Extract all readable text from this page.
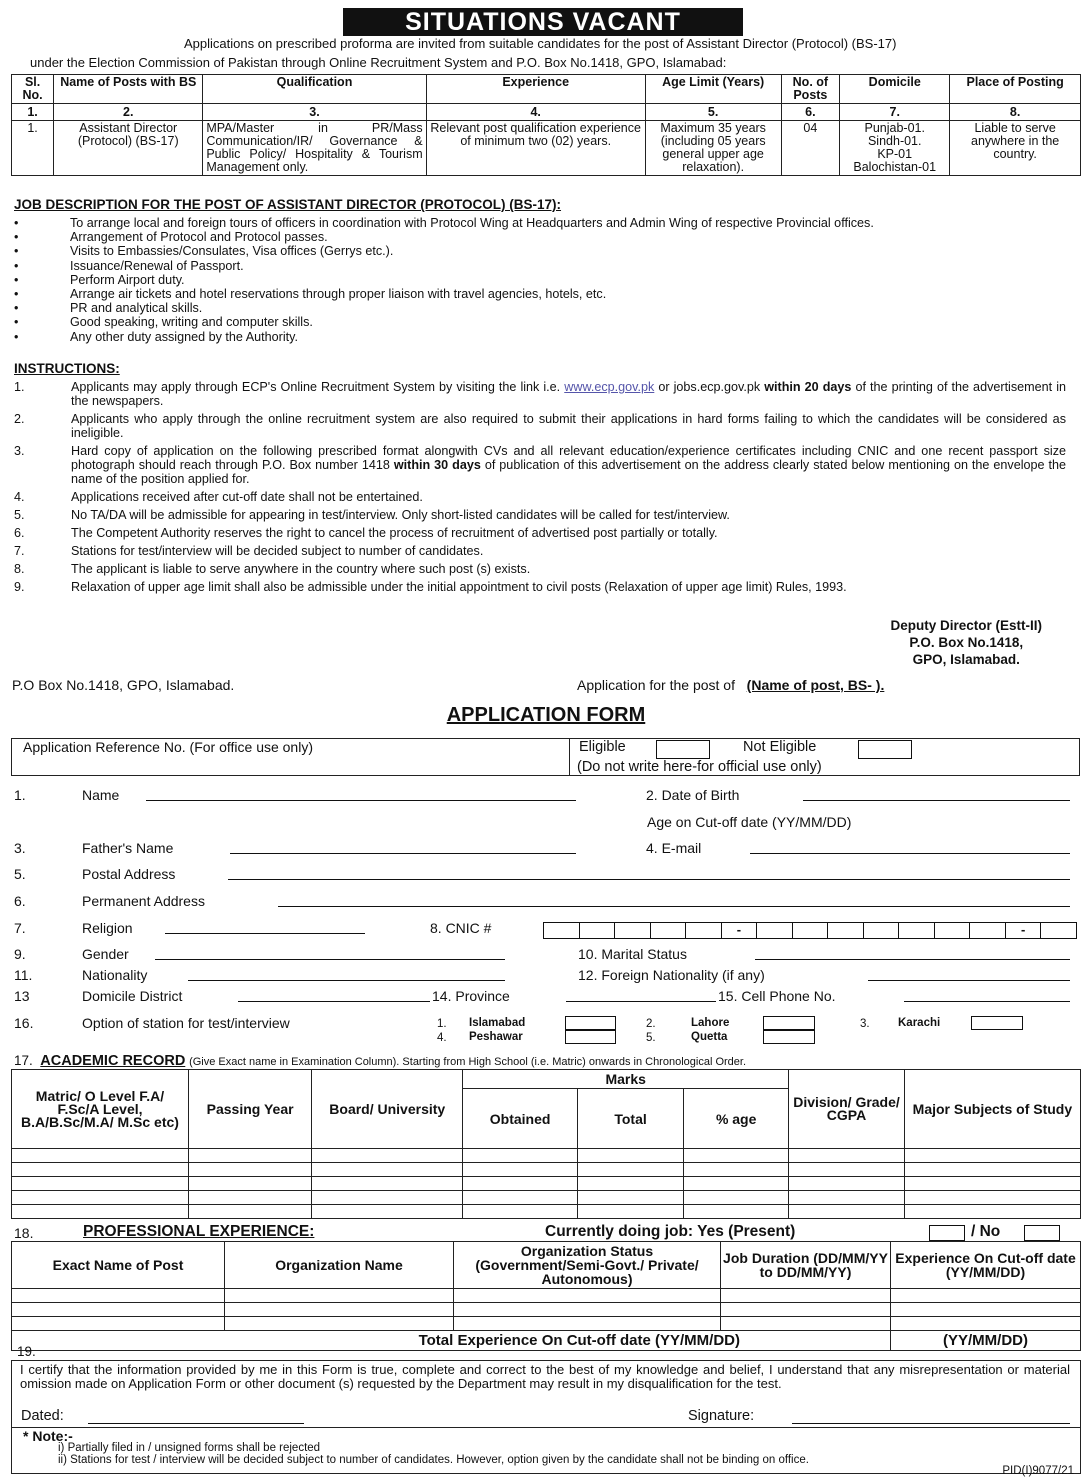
SITUATIONS VACANT
Applications on prescribed proforma are invited from suitable candidates for the post of Assistant Director (Protocol) (BS-17)
under the Election Commission of Pakistan through Online Recruitment System and P.O. Box No.1418, GPO, Islamabad:
Sl. No.	Name of Posts with BS	Qualification	Experience	Age Limit (Years)	No. of Posts	Domicile	Place of Posting
1.	2.	3.	4.	5.	6.	7.	8.
1.	Assistant Director (Protocol) (BS-17)	MPA/Master in PR/Mass Communication/IR/ Governance & Public Policy/ Hospitality & Tourism Management only.	Relevant post qualification experience of minimum two (02) years.	Maximum 35 years (including 05 years general upper age relaxation).	04	Punjab-01.
Sindh-01.
KP-01
Balochistan-01	Liable to serve anywhere in the country.
JOB DESCRIPTION FOR THE POST OF ASSISTANT DIRECTOR (PROTOCOL) (BS-17):
• To arrange local and foreign tours of officers in coordination with Protocol Wing at Headquarters and Admin Wing of respective Provincial offices.
• Arrangement of Protocol and Protocol passes.
• Visits to Embassies/Consulates, Visa offices (Gerrys etc.).
• Issuance/Renewal of Passport.
• Perform Airport duty.
• Arrange air tickets and hotel reservations through proper liaison with travel agencies, hotels, etc.
• PR and analytical skills.
• Good speaking, writing and computer skills.
• Any other duty assigned by the Authority.
INSTRUCTIONS:
1.	Applicants may apply through ECP's Online Recruitment System by visiting the link i.e. www.ecp.gov.pk or jobs.ecp.gov.pk within 20 days of the printing of the advertisement in the newspapers.
2.	Applicants who apply through the online recruitment system are also required to submit their applications in hard forms failing to which the candidates will be considered as ineligible.
3.	Hard copy of application on the following prescribed format alongwith CVs and all relevant education/experience certificates including CNIC and one recent passport size photograph should reach through P.O. Box number 1418 within 30 days of publication of this advertisement on the address clearly stated below mentioning on the envelope the name of the position applied for.
4.	Applications received after cut-off date shall not be entertained.
5.	No TA/DA will be admissible for appearing in test/interview. Only short-listed candidates will be called for test/interview.
6.	The Competent Authority reserves the right to cancel the process of recruitment of advertised post partially or totally.
7.	Stations for test/interview will be decided subject to number of candidates.
8.	The applicant is liable to serve anywhere in the country where such post (s) exists.
9.	Relaxation of upper age limit shall also be admissible under the initial appointment to civil posts (Relaxation of upper age limit) Rules, 1993.
Deputy Director (Estt-II)
P.O. Box No.1418,
GPO, Islamabad.
P.O Box No.1418, GPO, Islamabad.	Application for the post of (Name of post, BS- ).
APPLICATION FORM
Application Reference No. (For office use only)	Eligible	Not Eligible
(Do not write here-for official use only)
1.	Name	2. Date of Birth
Age on Cut-off date (YY/MM/DD)
3.	Father's Name	4. E-mail
5.	Postal Address
6.	Permanent Address
7.	Religion	8. CNIC #	-	-
9.	Gender	10. Marital Status
11.	Nationality	12. Foreign Nationality (if any)
13	Domicile District	14. Province	15. Cell Phone No.
16.	Option of station for test/interview	1. Islamabad	2.	Lahore	3. Karachi
4. Peshawar	5.	Quetta
17. ACADEMIC RECORD (Give Exact name in Examination Column). Starting from High School (i.e. Matric) onwards in Chronological Order.
Matric/ O Level F.A/ F.Sc/A Level, B.A/B.Sc/M.A/ M.Sc etc)	Passing Year	Board/ University	Marks			Division/ Grade/ CGPA	Major Subjects of Study
			Obtained	Total	% age		

18.	PROFESSIONAL EXPERIENCE:	Currently doing job: Yes (Present)	/ No
Exact Name of Post	Organization Name	Organization Status (Government/Semi-Govt./ Private/ Autonomous)	Job Duration (DD/MM/YY to DD/MM/YY)	Experience On Cut-off date (YY/MM/DD)

Total Experience On Cut-off date (YY/MM/DD)				(YY/MM/DD)
19.
I certify that the information provided by me in this Form is true, complete and correct to the best of my knowledge and belief, I understand that any misrepresentation or material omission made on Application Form or other document (s) requested by the Department may result in my disqualification for the test.
Dated:	Signature:
* Note:-
i) Partially filed in / unsigned forms shall be rejected
ii) Stations for test / interview will be decided subject to number of candidates. However, option given by the candidate shall not be binding on office.
PID(I)9077/21
